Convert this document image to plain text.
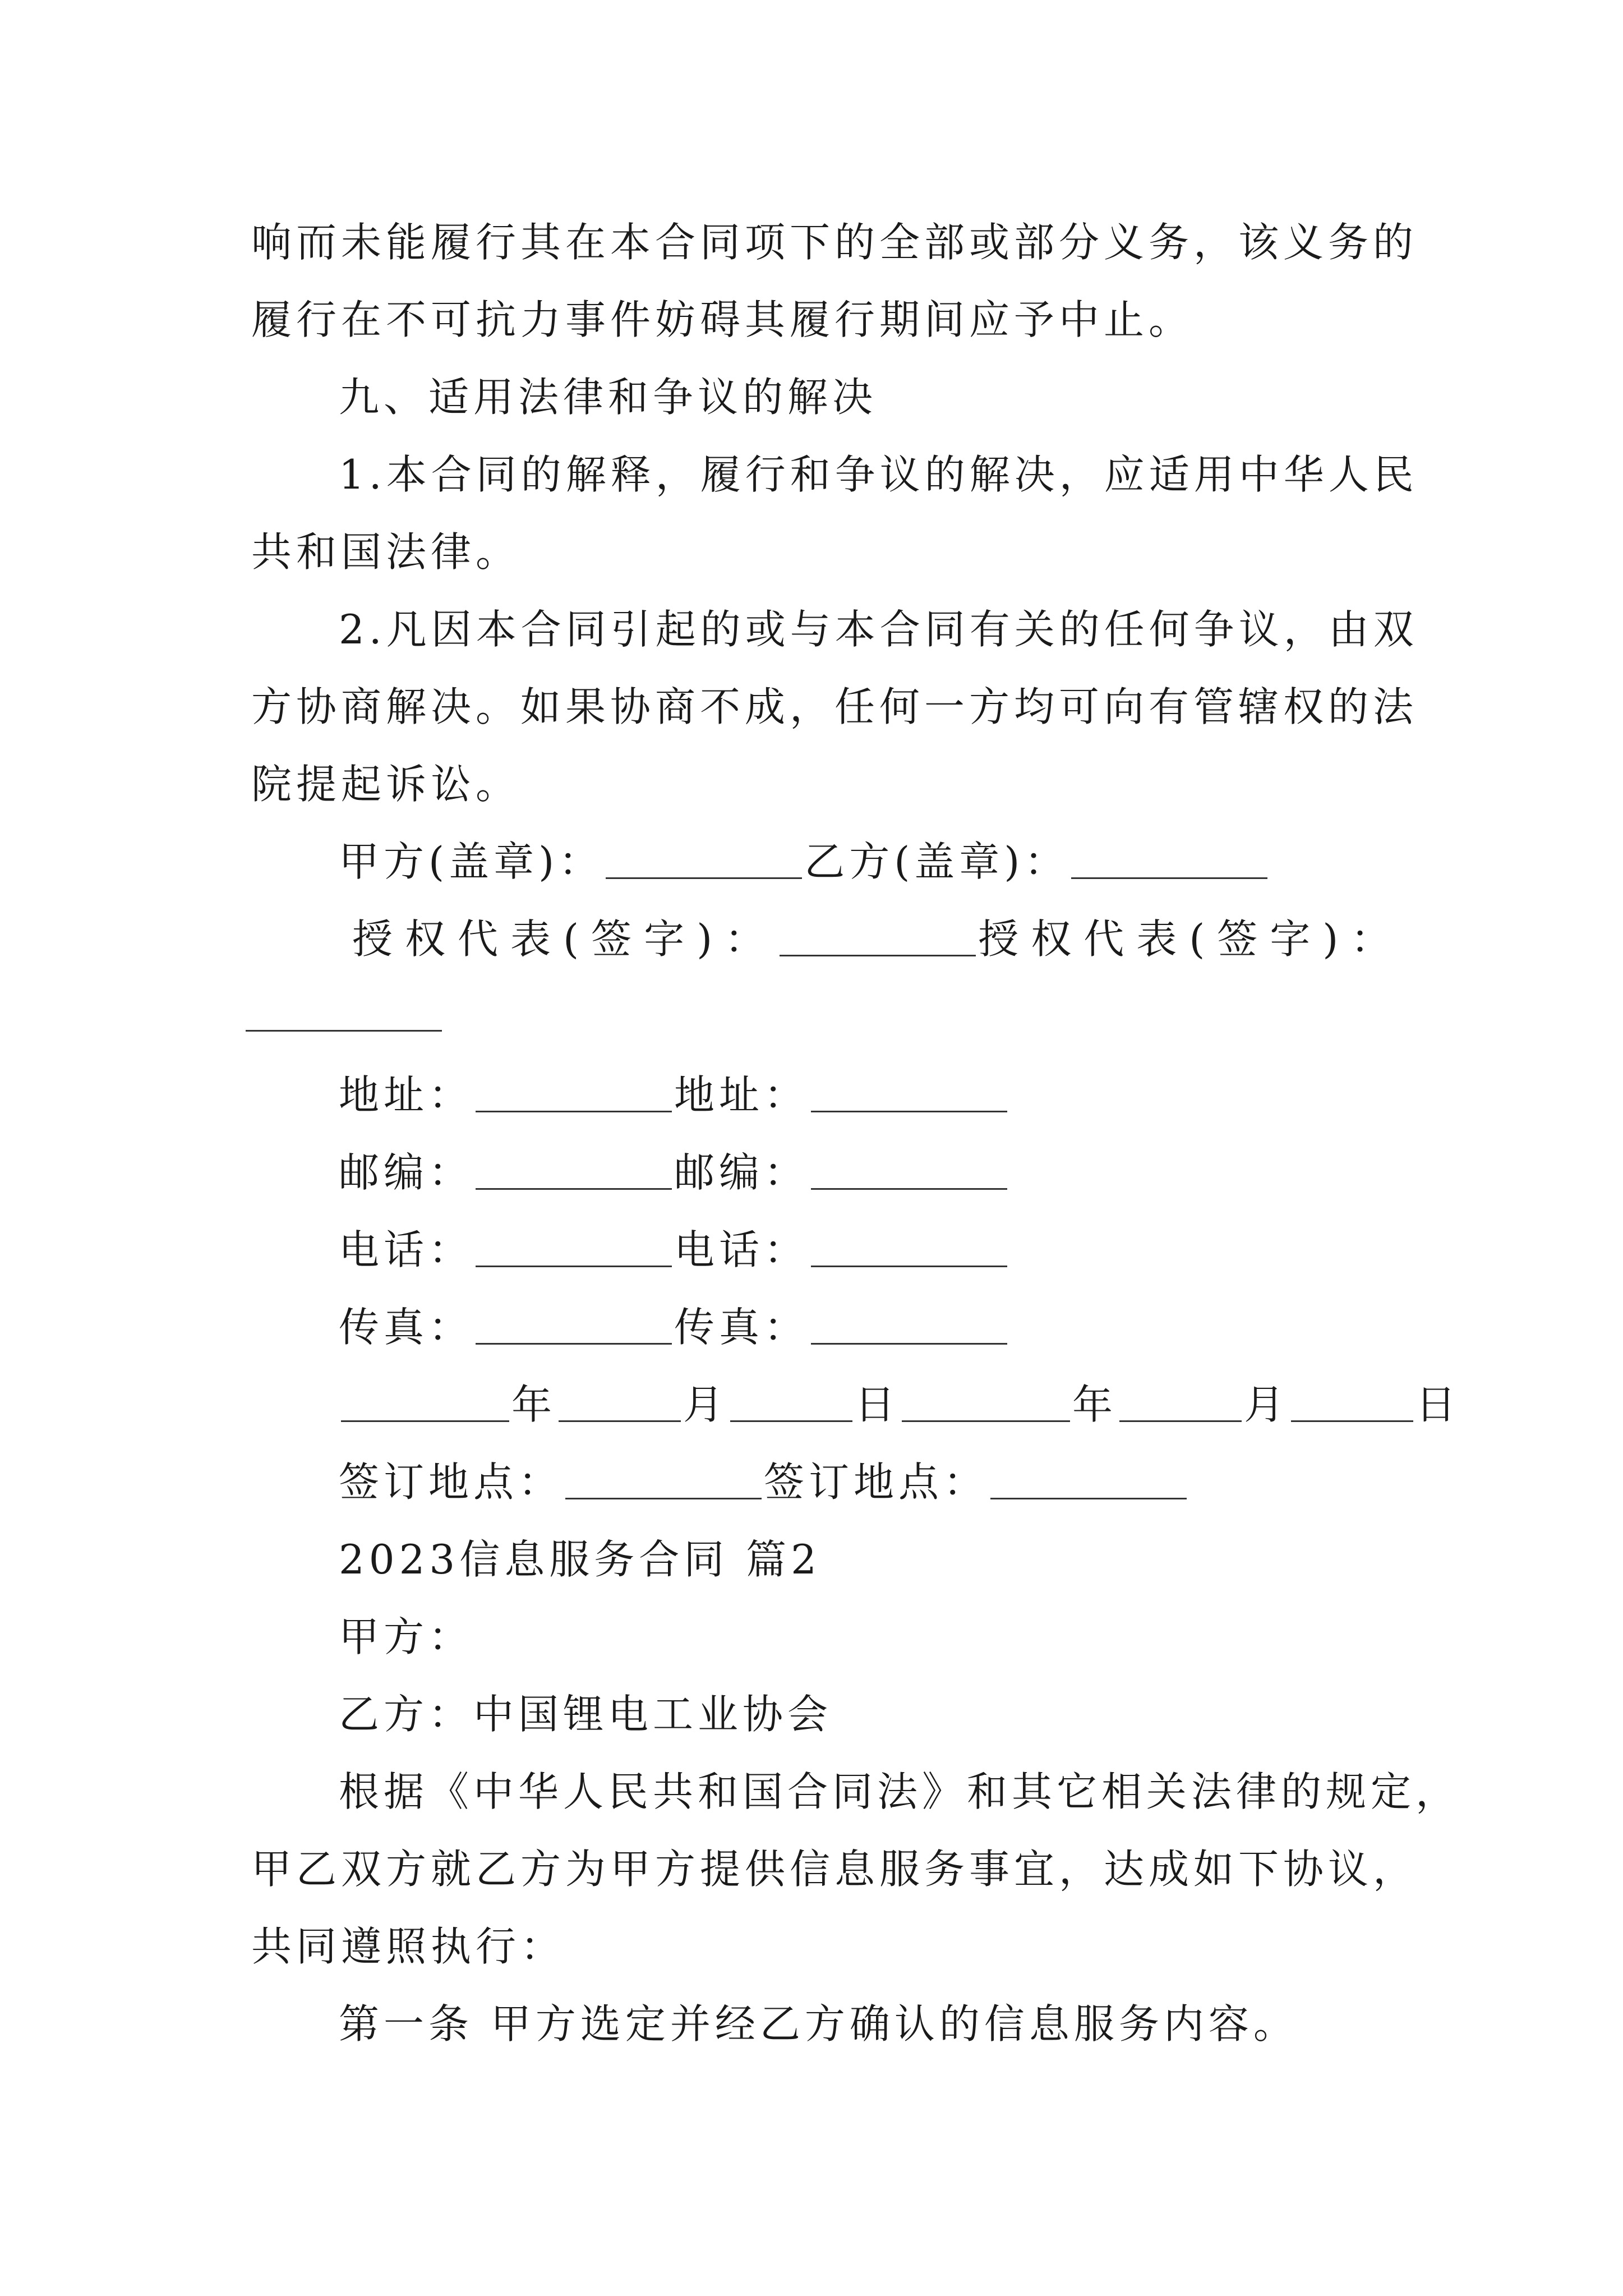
响而未能履行其在本合同项下的全部或部分义务，该义务的
履行在不可抗力事件妨碍其履行期间应予中止。
九、适用法律和争议的解决
1.本合同的解释，履行和争议的解决，应适用中华人民
共和国法律。
2.凡因本合同引起的或与本合同有关的任何争议，由双
方协商解决。如果协商不成，任何一方均可向有管辖权的法
院提起诉讼。
甲方(盖章)：	乙方(盖章)：
授权代表(签字)：	授权代表(签字)：
地址：	地址：
邮编：	邮编：
电话：	电话：
传真：	传真：
年	月	日	年	月	日
签订地点：	签订地点：
2023信息服务合同 篇2
甲方：
乙方：中国锂电工业协会
根据《中华人民共和国合同法》和其它相关法律的规定，
甲乙双方就乙方为甲方提供信息服务事宜，达成如下协议，
共同遵照执行：
第一条 甲方选定并经乙方确认的信息服务内容。
